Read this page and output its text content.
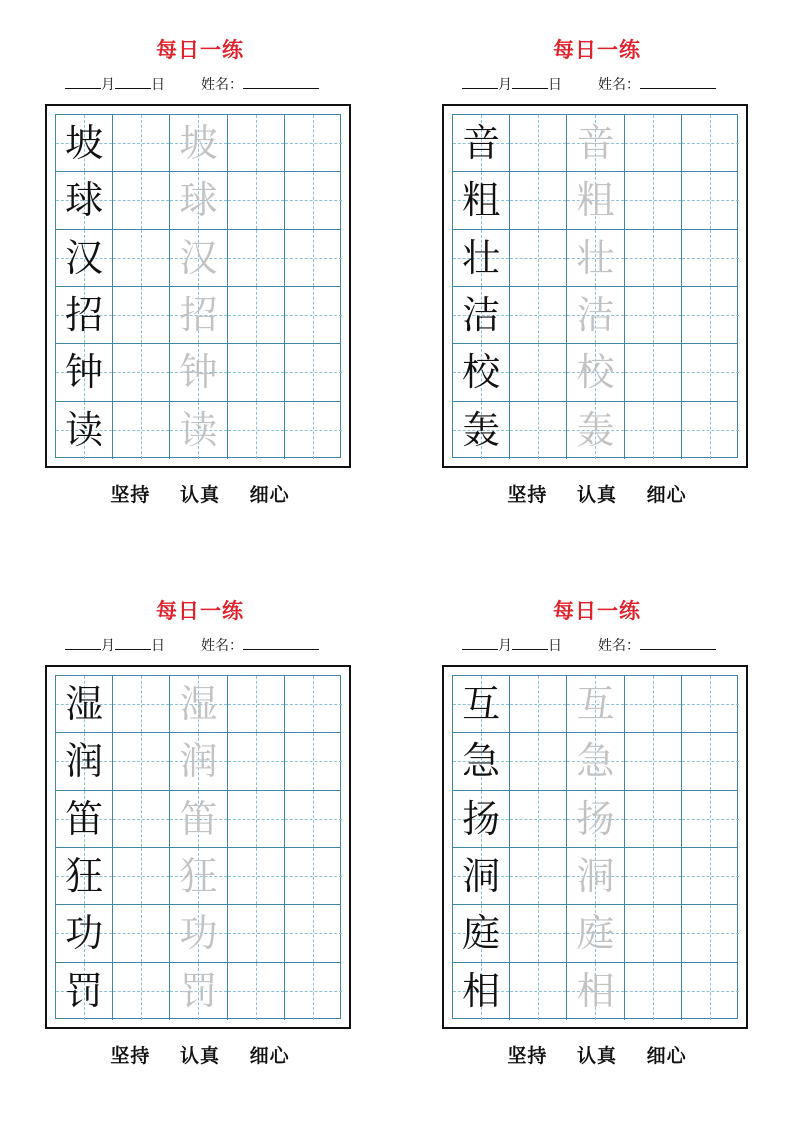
每日一练
月	日	姓名：
坡 坡
球 球
汉 汉
招 招
钟 钟
读 读
坚持 认真 细心
每日一练
月	日	姓名：
音 音
粗 粗
壮 壮
洁 洁
校 校
轰 轰
坚持 认真 细心
每日一练
月	日	姓名：
湿 湿
润 润
笛 笛
狂 狂
功 功
罚 罚
坚持 认真 细心
每日一练
月	日	姓名：
互 互
急 急
扬 扬
洞 洞
庭 庭
相 相
坚持 认真 细心
